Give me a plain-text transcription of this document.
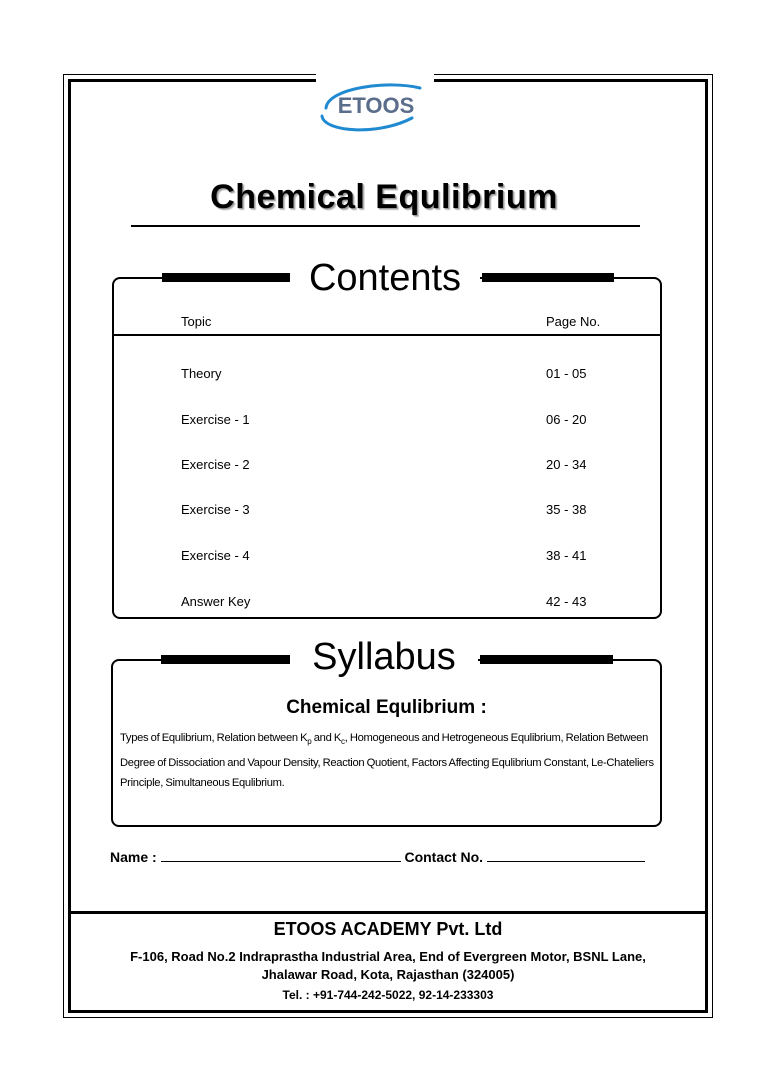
ETOOS
Chemical Equlibrium
Contents
Topic	Page No.
Theory	01 - 05
Exercise - 1	06 - 20
Exercise - 2	20 - 34
Exercise - 3	35 - 38
Exercise - 4	38 - 41
Answer Key	42 - 43
Syllabus
Chemical Equlibrium :
Types of Equlibrium, Relation between $K_p$ and $K_c$, Homogeneous and Hetrogeneous Equlibrium, Relation Between Degree of Dissociation and Vapour Density, Reaction Quotient, Factors Affecting Equlibrium Constant, Le-Chateliers Principle, Simultaneous Equlibrium.
Name :	Contact No.
ETOOS ACADEMY Pvt. Ltd
F-106, Road No.2 Indraprastha Industrial Area, End of Evergreen Motor, BSNL Lane,
Jhalawar Road, Kota, Rajasthan (324005)
Tel. : +91-744-242-5022, 92-14-233303
